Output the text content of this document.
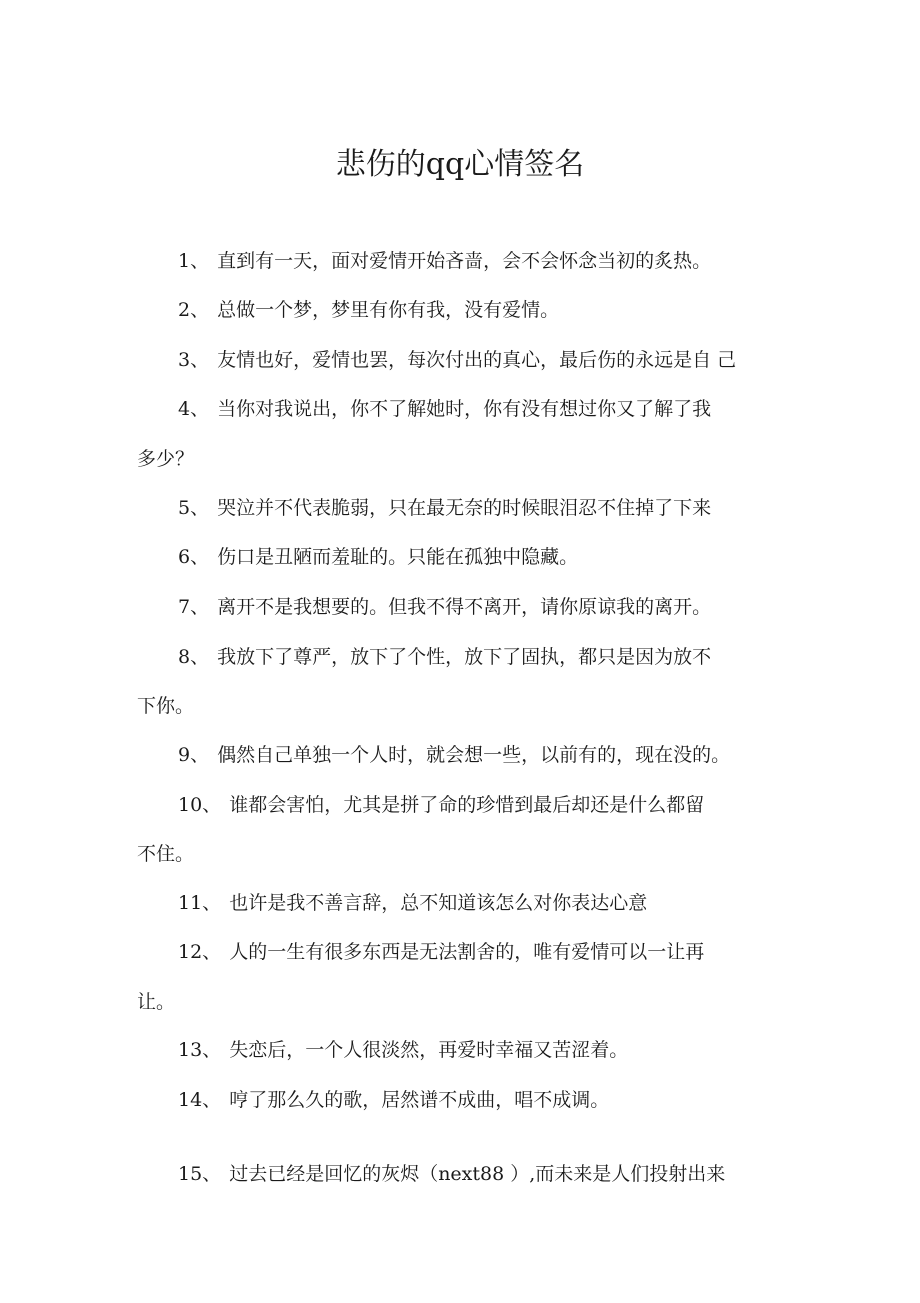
悲伤的qq心情签名
1、 直到有一天，面对爱情开始吝啬，会不会怀念当初的炙热。
2、 总做一个梦，梦里有你有我，没有爱情。
3、 友情也好，爱情也罢，每次付出的真心，最后伤的永远是自 己
4、 当你对我说出，你不了解她时，你有没有想过你又了解了我
多少？
5、 哭泣并不代表脆弱，只在最无奈的时候眼泪忍不住掉了下来
6、 伤口是丑陋而羞耻的。只能在孤独中隐藏。
7、 离开不是我想要的。但我不得不离开，请你原谅我的离开。
8、 我放下了尊严，放下了个性，放下了固执，都只是因为放不
下你。
9、 偶然自己单独一个人时，就会想一些，以前有的，现在没的。
10、 谁都会害怕，尤其是拼了命的珍惜到最后却还是什么都留
不住。
11、 也许是我不善言辞，总不知道该怎么对你表达心意
12、 人的一生有很多东西是无法割舍的，唯有爱情可以一让再
让。
13、 失恋后，一个人很淡然，再爱时幸福又苦涩着。
14、 哼了那么久的歌，居然谱不成曲，唱不成调。
15、 过去已经是回忆的灰烬（next88 ）,而未来是人们投射出来
